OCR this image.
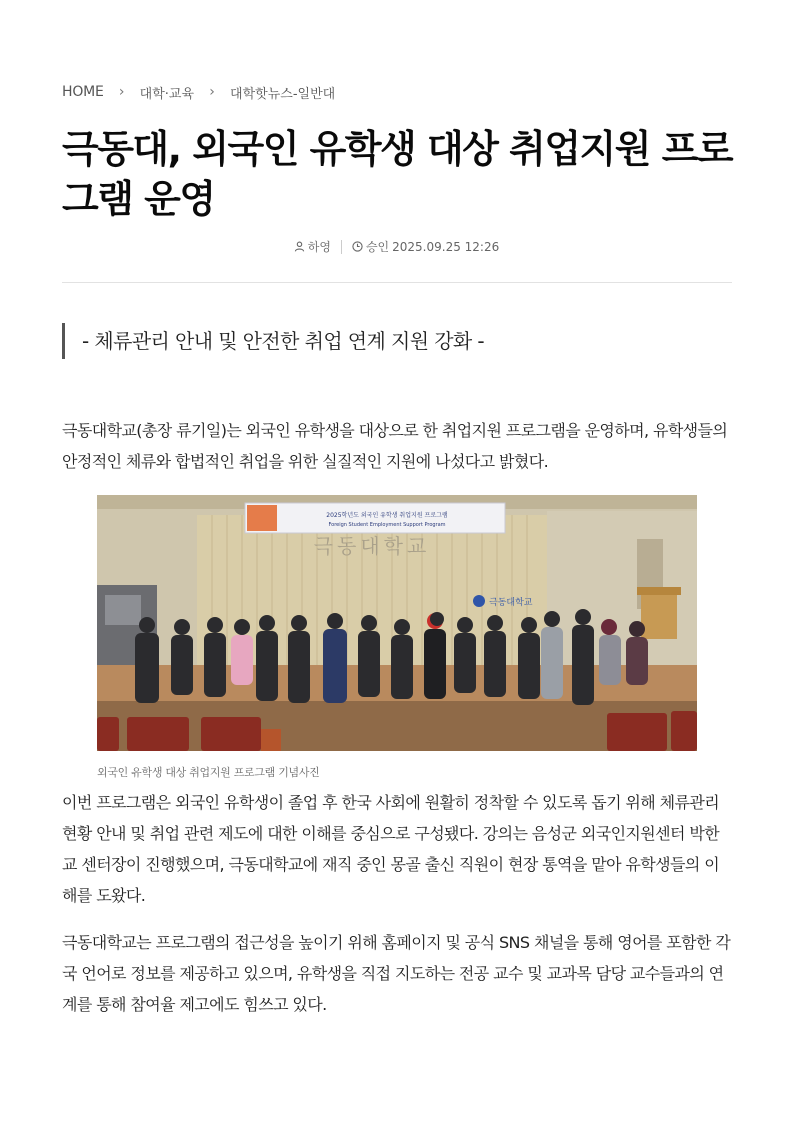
HOME	›	대학·교육	›	대학핫뉴스-일반대
극동대, 외국인 유학생 대상 취업지원 프로그램 운영
하영	승인 2025.09.25 12:26
- 체류관리 안내 및 안전한 취업 연계 지원 강화 -

극동대학교(총장 류기일)는 외국인 유학생을 대상으로 한 취업지원 프로그램을 운영하며, 유학생들의 안정적인 체류와 합법적인 취업을 위한 실질적인 지원에 나섰다고 밝혔다.

2025학년도 외국인 유학생 취업지원 프로그램
Foreign Student Employment Support Program
극동대학교
극동대학교
외국인 유학생 대상 취업지원 프로그램 기념사진

이번 프로그램은 외국인 유학생이 졸업 후 한국 사회에 원활히 정착할 수 있도록 돕기 위해 체류관리 현황 안내 및 취업 관련 제도에 대한 이해를 중심으로 구성됐다. 강의는 음성군 외국인지원센터 박한교 센터장이 진행했으며, 극동대학교에 재직 중인 몽골 출신 직원이 현장 통역을 맡아 유학생들의 이해를 도왔다.

극동대학교는 프로그램의 접근성을 높이기 위해 홈페이지 및 공식 SNS 채널을 통해 영어를 포함한 각국 언어로 정보를 제공하고 있으며, 유학생을 직접 지도하는 전공 교수 및 교과목 담당 교수들과의 연계를 통해 참여율 제고에도 힘쓰고 있다.
